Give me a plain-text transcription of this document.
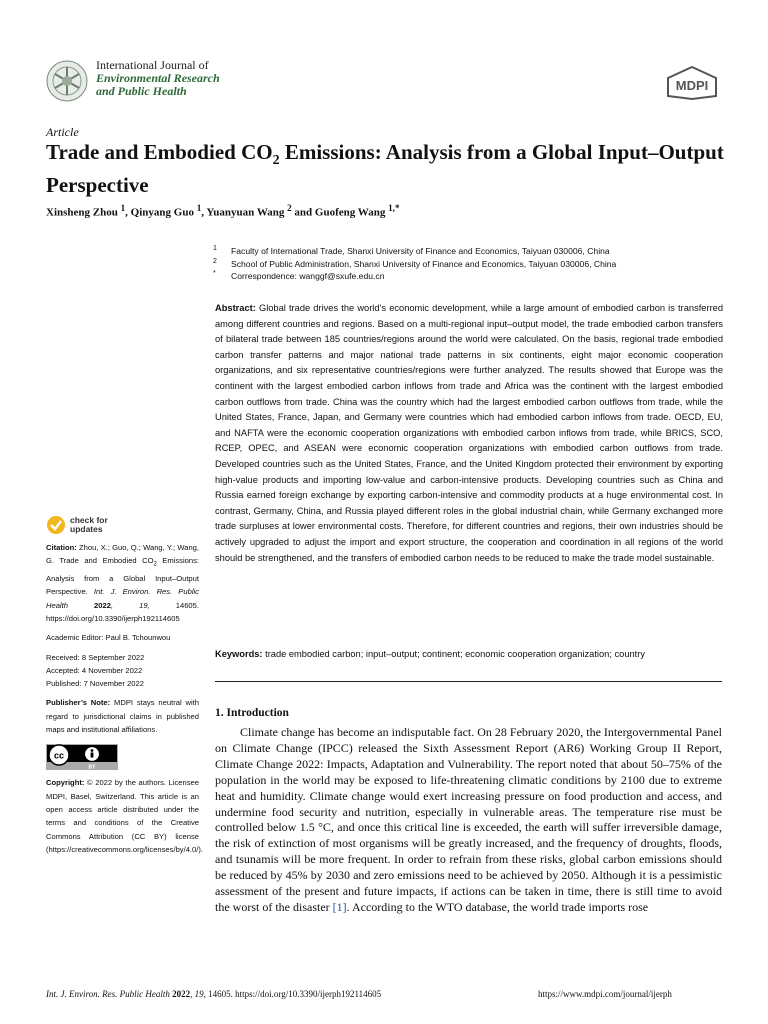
International Journal of
Environmental Research
and Public Health	MDPI
Article
Trade and Embodied $CO_2$ Emissions: Analysis from a Global Input–Output Perspective
Xinsheng Zhou $^1$, Qinyang Guo $^1$, Yuanyuan Wang $^2$ and Guofeng Wang $^{1,*}$
1 Faculty of International Trade, Shanxi University of Finance and Economics, Taiyuan 030006, China
2 School of Public Administration, Shanxi University of Finance and Economics, Taiyuan 030006, China
* Correspondence: wanggf@sxufe.edu.cn
Abstract: Global trade drives the world’s economic development, while a large amount of embodied carbon is transferred among different countries and regions. Based on a multi-regional input–output model, the trade embodied carbon transfers of bilateral trade between 185 countries/regions around the world were calculated. On the basis, regional trade embodied carbon transfer patterns and major national trade patterns in six continents, eight major economic cooperation organizations, and six representative countries/regions were further analyzed. The results showed that Europe was the continent with the largest embodied carbon inflows from trade and Africa was the continent with the largest embodied carbon outflows from trade. China was the country which had the largest embodied carbon outflows from trade, while the United States, France, Japan, and Germany were countries which had embodied carbon inflows from trade. OECD, EU, and NAFTA were the economic cooperation organizations with embodied carbon inflows from trade, while BRICS, SCO, RCEP, OPEC, and ASEAN were economic cooperation organizations with embodied carbon outflows from trade. Developed countries such as the United States, France, and the United Kingdom protected their environment by exporting high-value products and importing low-value and carbon-intensive products. Developing countries such as China and Russia earned foreign exchange by exporting carbon-intensive and commodity products at a huge environmental cost. In contrast, Germany, China, and Russia played different roles in the global industrial chain, while Germany exchanged more trade surpluses at lower environmental costs. Therefore, for different countries and regions, their own industries should be actively upgraded to adjust the import and export structure, the cooperation and coordination in all regions of the world should be strengthened, and the transfers of embodied carbon needs to be reduced to make the trade model sustainable.
Keywords: trade embodied carbon; input–output; continent; economic cooperation organization; country
check for
updates
Citation: Zhou, X.; Guo, Q.; Wang, Y.; Wang, G. Trade and Embodied $CO_2$ Emissions: Analysis from a Global Input–Output Perspective. Int. J. Environ. Res. Public Health 2022, 19, 14605. https://doi.org/10.3390/ijerph192114605
Academic Editor: Paul B. Tchounwou
Received: 8 September 2022
Accepted: 4 November 2022
Published: 7 November 2022
Publisher’s Note: MDPI stays neutral with regard to jurisdictional claims in published maps and institutional affiliations.
cc
BY
Copyright: © 2022 by the authors. Licensee MDPI, Basel, Switzerland. This article is an open access article distributed under the terms and conditions of the Creative Commons Attribution (CC BY) license (https://creativecommons.org/licenses/by/4.0/).
1. Introduction
Climate change has become an indisputable fact. On 28 February 2020, the Intergovernmental Panel on Climate Change (IPCC) released the Sixth Assessment Report (AR6) Working Group II Report, Climate Change 2022: Impacts, Adaptation and Vulnerability. The report noted that about 50–75% of the population in the world may be exposed to life-threatening climatic conditions by 2100 due to extreme heat and humidity. Climate change would exert increasing pressure on food production and access, and undermine food security and nutrition, especially in vulnerable areas. The temperature rise must be controlled below 1.5 °C, and once this critical line is exceeded, the earth will suffer irreversible damage, the risk of extinction of most organisms will be greatly increased, and the frequency of droughts, floods, and tsunamis will be more frequent. In order to refrain from these risks, global carbon emissions should be reduced by 45% by 2030 and zero emissions need to be achieved by 2050. Although it is a pessimistic assessment of the present and future impacts, if actions can be taken in time, there is still time to avoid the worst of the disaster [1]. According to the WTO database, the world trade imports rose
Int. J. Environ. Res. Public Health 2022, 19, 14605. https://doi.org/10.3390/ijerph192114605	https://www.mdpi.com/journal/ijerph
